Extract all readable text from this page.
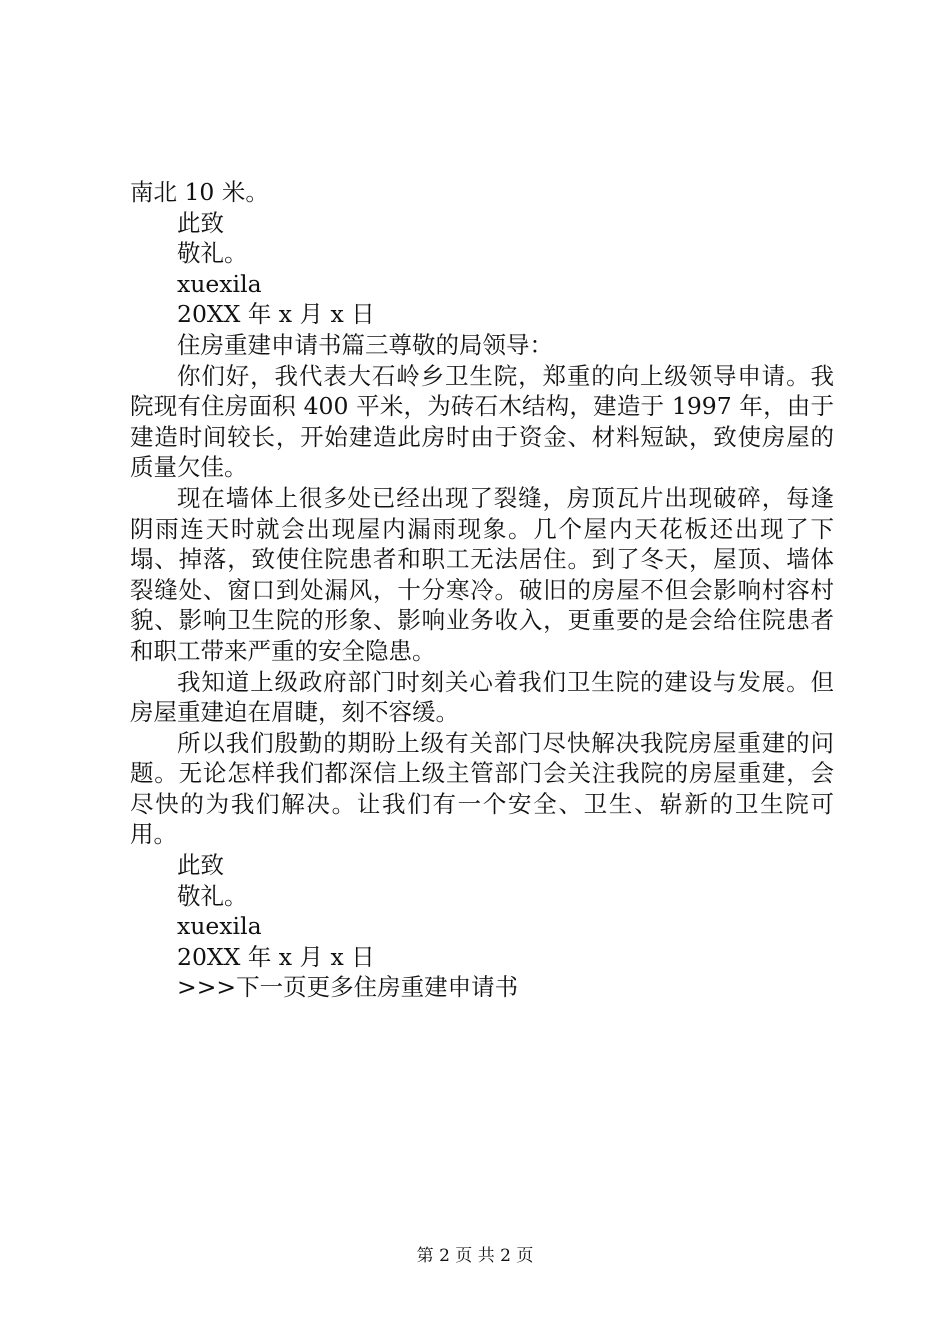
南北 10 米。
此致
敬礼。
xuexila
20XX 年 x 月 x 日
住房重建申请书篇三尊敬的局领导：
你们好，我代表大石岭乡卫生院，郑重的向上级领导申请。我院现有住房面积 400 平米，为砖石木结构，建造于 1997 年，由于建造时间较长，开始建造此房时由于资金、材料短缺，致使房屋的质量欠佳。
现在墙体上很多处已经出现了裂缝，房顶瓦片出现破碎，每逢阴雨连天时就会出现屋内漏雨现象。几个屋内天花板还出现了下塌、掉落，致使住院患者和职工无法居住。到了冬天，屋顶、墙体裂缝处、窗口到处漏风，十分寒冷。破旧的房屋不但会影响村容村貌、影响卫生院的形象、影响业务收入，更重要的是会给住院患者和职工带来严重的安全隐患。
我知道上级政府部门时刻关心着我们卫生院的建设与发展。但房屋重建迫在眉睫，刻不容缓。
所以我们殷勤的期盼上级有关部门尽快解决我院房屋重建的问题。无论怎样我们都深信上级主管部门会关注我院的房屋重建，会尽快的为我们解决。让我们有一个安全、卫生、崭新的卫生院可用。
此致
敬礼。
xuexila
20XX 年 x 月 x 日
>>>下一页更多住房重建申请书
第 2 页 共 2 页
